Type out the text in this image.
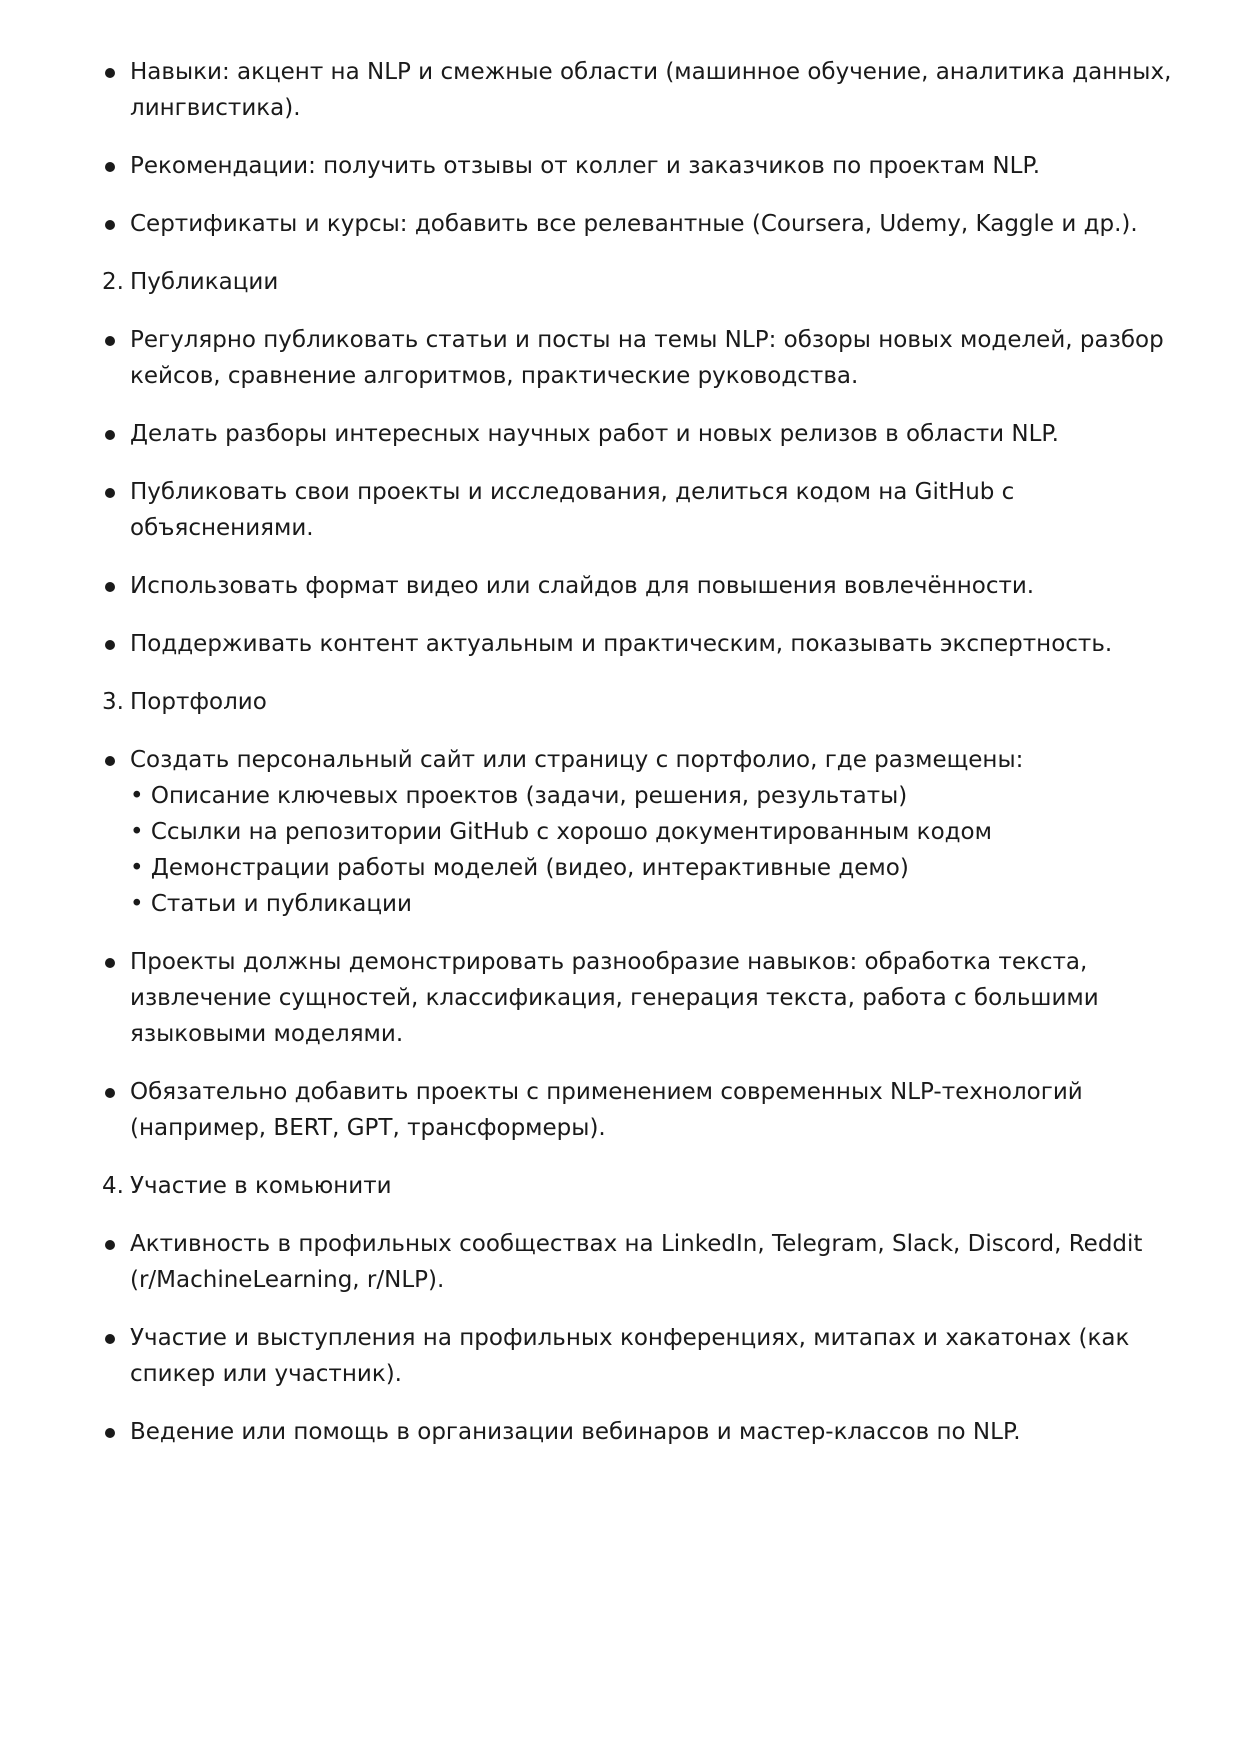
Навыки: акцент на NLP и смежные области (машинное обучение, аналитика данных,
лингвистика).
Рекомендации: получить отзывы от коллег и заказчиков по проектам NLP.
Сертификаты и курсы: добавить все релевантные (Coursera, Udemy, Kaggle и др.).
2. Публикации
Регулярно публиковать статьи и посты на темы NLP: обзоры новых моделей, разбор
кейсов, сравнение алгоритмов, практические руководства.
Делать разборы интересных научных работ и новых релизов в области NLP.
Публиковать свои проекты и исследования, делиться кодом на GitHub с
объяснениями.
Использовать формат видео или слайдов для повышения вовлечённости.
Поддерживать контент актуальным и практическим, показывать экспертность.
3. Портфолио
Создать персональный сайт или страницу с портфолио, где размещены:
• Описание ключевых проектов (задачи, решения, результаты)
• Ссылки на репозитории GitHub с хорошо документированным кодом
• Демонстрации работы моделей (видео, интерактивные демо)
• Статьи и публикации
Проекты должны демонстрировать разнообразие навыков: обработка текста,
извлечение сущностей, классификация, генерация текста, работа с большими
языковыми моделями.
Обязательно добавить проекты с применением современных NLP-технологий
(например, BERT, GPT, трансформеры).
4. Участие в комьюнити
Активность в профильных сообществах на LinkedIn, Telegram, Slack, Discord, Reddit
(r/MachineLearning, r/NLP).
Участие и выступления на профильных конференциях, митапах и хакатонах (как
спикер или участник).
Ведение или помощь в организации вебинаров и мастер-классов по NLP.
